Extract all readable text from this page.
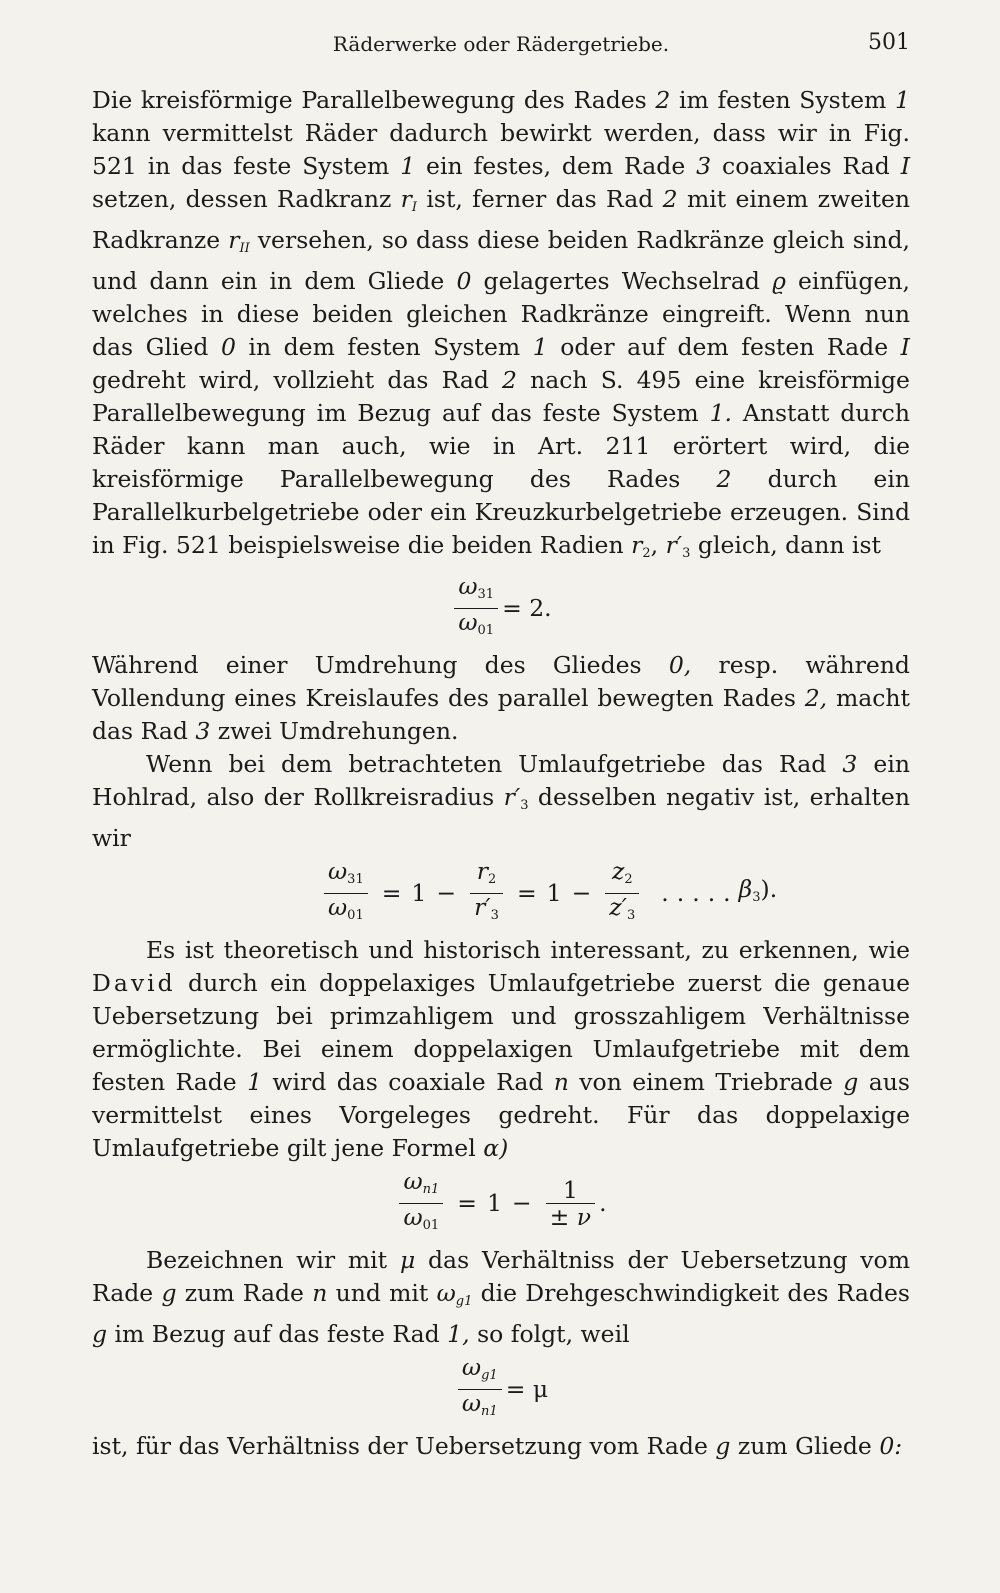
Räderwerke oder Rädergetriebe.	501

Die kreisförmige Parallelbewegung des Rades 2 im festen System 1 kann vermittelst Räder dadurch bewirkt werden, dass wir in Fig. 521 in das feste System 1 ein festes, dem Rade 3 coaxiales Rad I setzen, dessen Radkranz $r_I$ ist, ferner das Rad 2 mit einem zweiten Radkranze $r_{II}$ versehen, so dass diese beiden Radkränze gleich sind, und dann ein in dem Gliede 0 gelagertes Wechselrad ϱ einfügen, welches in diese beiden gleichen Radkränze eingreift. Wenn nun das Glied 0 in dem festen System 1 oder auf dem festen Rade I gedreht wird, vollzieht das Rad 2 nach S. 495 eine kreisförmige Parallelbewegung im Bezug auf das feste System 1. Anstatt durch Räder kann man auch, wie in Art. 211 erörtert wird, die kreisförmige Parallelbewegung des Rades 2 durch ein Parallelkurbelgetriebe oder ein Kreuzkurbelgetriebe erzeugen. Sind in Fig. 521 beispielsweise die beiden Radien $r_2$, $r'_3$ gleich, dann ist

$\frac{\omega_{31}}{\omega_{01}} = 2$.

Während einer Umdrehung des Gliedes 0, resp. während Vollendung eines Kreislaufes des parallel bewegten Rades 2, macht das Rad 3 zwei Umdrehungen.

Wenn bei dem betrachteten Umlaufgetriebe das Rad 3 ein Hohlrad, also der Rollkreisradius $r'_3$ desselben negativ ist, erhalten wir

$\frac{\omega_{31}}{\omega_{01}} = 1 - \frac{r_2}{r'_3} = 1 - \frac{z_2}{z'_3}$ ..... $\beta_3$).

Es ist theoretisch und historisch interessant, zu erkennen, wie David durch ein doppelaxiges Umlaufgetriebe zuerst die genaue Uebersetzung bei primzahligem und grosszahligem Verhältnisse ermöglichte. Bei einem doppelaxigen Umlaufgetriebe mit dem festen Rade 1 wird das coaxiale Rad n von einem Triebrade g aus vermittelst eines Vorgeleges gedreht. Für das doppelaxige Umlaufgetriebe gilt jene Formel α)

$\frac{\omega_{n1}}{\omega_{01}} = 1 - \frac{1}{\pm \nu}$ .

Bezeichnen wir mit μ das Verhältniss der Uebersetzung vom Rade g zum Rade n und mit $\omega_{g1}$ die Drehgeschwindigkeit des Rades g im Bezug auf das feste Rad 1, so folgt, weil

$\frac{\omega_{g1}}{\omega_{n1}} = \mu$

ist, für das Verhältniss der Uebersetzung vom Rade g zum Gliede 0:
